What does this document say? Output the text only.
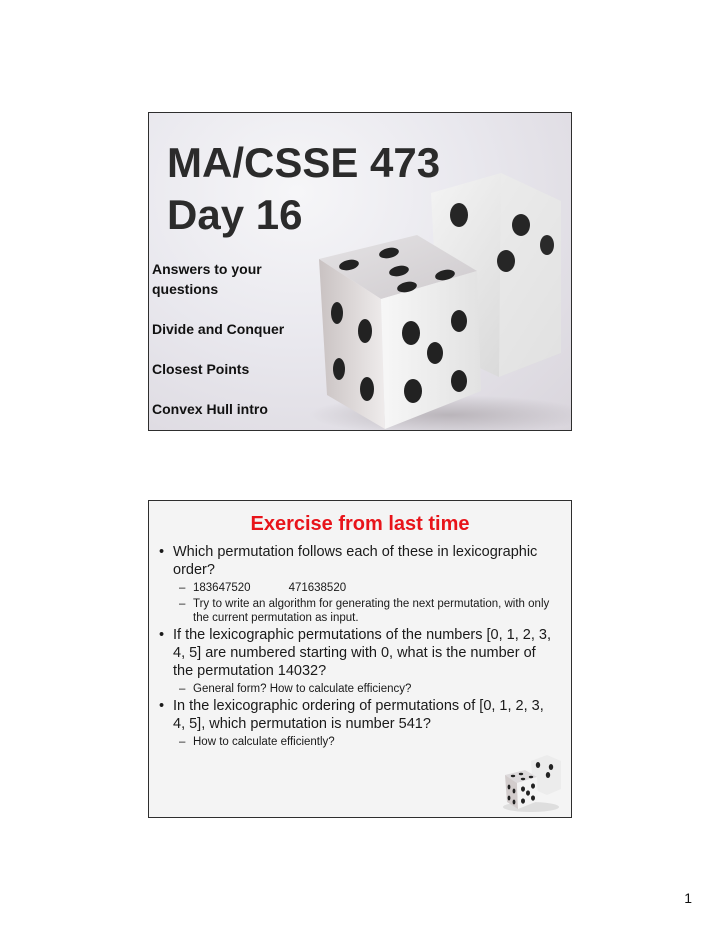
MA/CSSE 473
Day 16
Answers to your questions
Divide and Conquer
Closest Points
Convex Hull intro
Exercise from last time

• Which permutation follows each of these in lexicographic order?

– 183647520	471638520

– Try to write an algorithm for generating the next permutation, with only the current permutation as input.

• If the lexicographic permutations of the numbers [0, 1, 2, 3, 4, 5] are numbered starting with 0, what is the number of the permutation 14032?

– General form? How to calculate efficiency?

• In the lexicographic ordering of permutations of [0, 1, 2, 3, 4, 5], which permutation is number 541?

– How to calculate efficiently?

1
